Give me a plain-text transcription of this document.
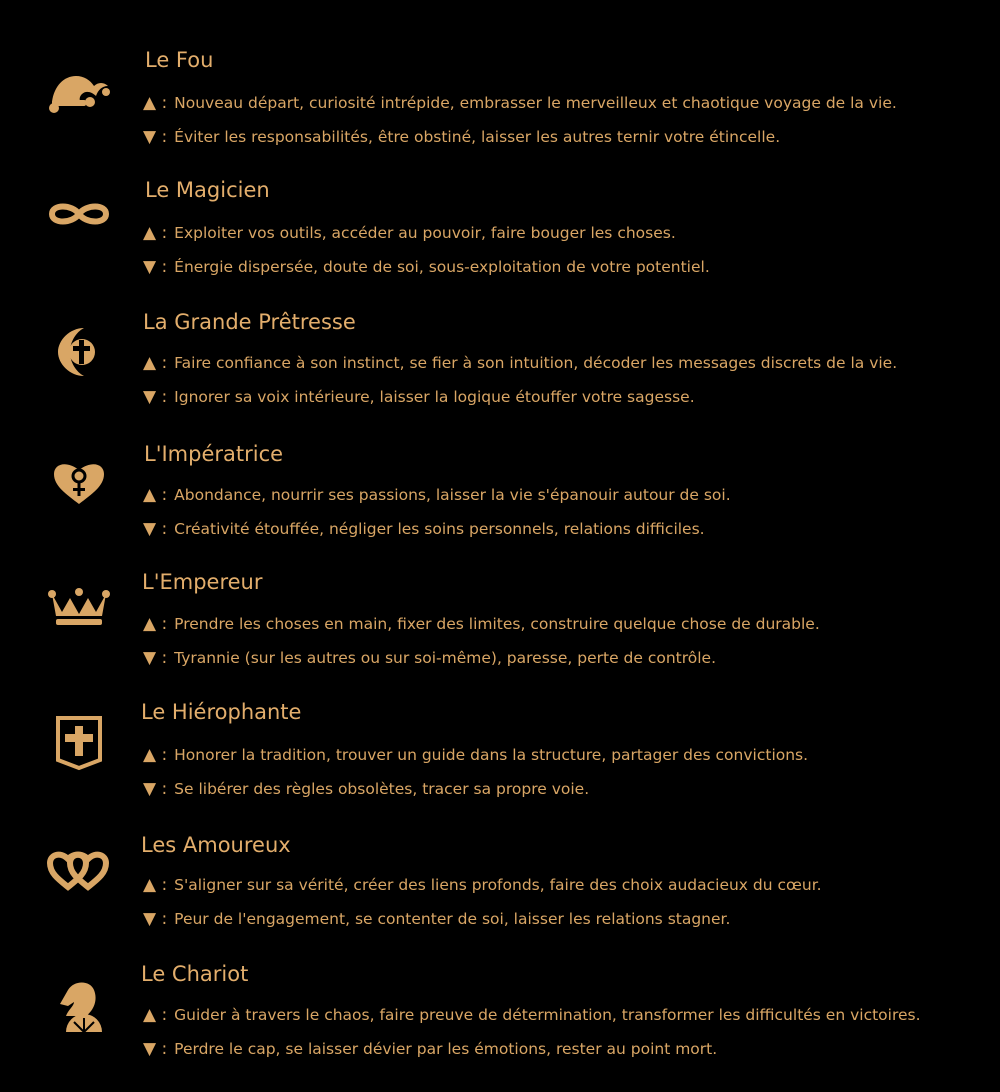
Le Fou
▲ : Nouveau départ, curiosité intrépide, embrasser le merveilleux et chaotique voyage de la vie.
▼ : Éviter les responsabilités, être obstiné, laisser les autres ternir votre étincelle.
Le Magicien
▲ : Exploiter vos outils, accéder au pouvoir, faire bouger les choses.
▼ : Énergie dispersée, doute de soi, sous-exploitation de votre potentiel.
La Grande Prêtresse
▲ : Faire confiance à son instinct, se fier à son intuition, décoder les messages discrets de la vie.
▼ : Ignorer sa voix intérieure, laisser la logique étouffer votre sagesse.
L'Impératrice
▲ : Abondance, nourrir ses passions, laisser la vie s'épanouir autour de soi.
▼ : Créativité étouffée, négliger les soins personnels, relations difficiles.
L'Empereur
▲ : Prendre les choses en main, fixer des limites, construire quelque chose de durable.
▼ : Tyrannie (sur les autres ou sur soi-même), paresse, perte de contrôle.
Le Hiérophante
▲ : Honorer la tradition, trouver un guide dans la structure, partager des convictions.
▼ : Se libérer des règles obsolètes, tracer sa propre voie.
Les Amoureux
▲ : S'aligner sur sa vérité, créer des liens profonds, faire des choix audacieux du cœur.
▼ : Peur de l'engagement, se contenter de soi, laisser les relations stagner.
Le Chariot
▲ : Guider à travers le chaos, faire preuve de détermination, transformer les difficultés en victoires.
▼ : Perdre le cap, se laisser dévier par les émotions, rester au point mort.
